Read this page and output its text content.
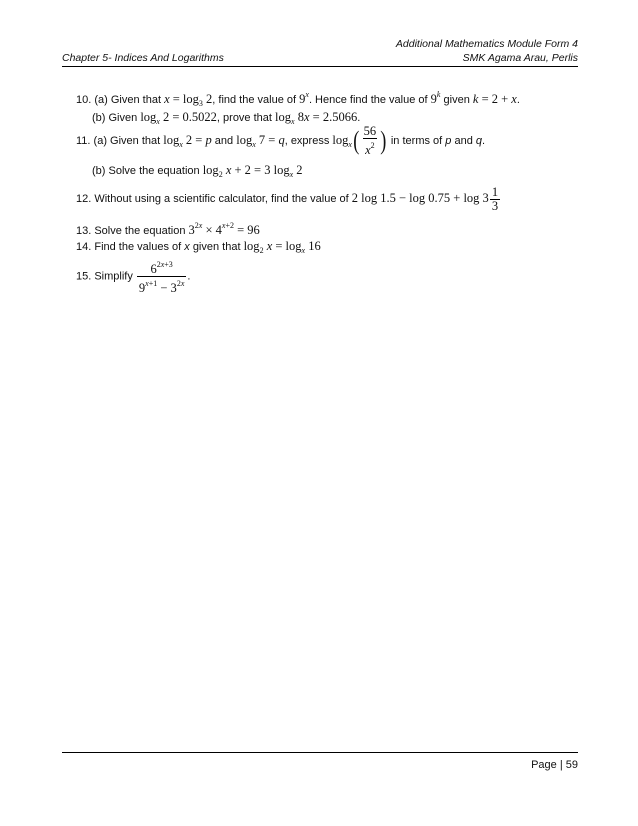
Additional Mathematics Module Form 4
Chapter 5- Indices And Logarithms	SMK Agama Arau, Perlis
10. (a) Given that $x = \log_3 2$, find the value of 9$^x$. Hence find the value of 9$^k$ given k = 2 + x.
(b) Given $\log_x 2 = 0.5022$, prove that $\log_x 8x = 2.5066$.
11. (a) Given that $\log_x 2 = p$ and $\log_x 7 = q$, express $\log_x( \frac{56}{x^2}$ ) in terms of p and q.
(b) Solve the equation $\log_2 x + 2 = 3$ $\log_x 2$
12. Without using a scientific calculator, find the value of 2 $\log 1.5 - \log 0.75 + \log 3 \frac{1}{3}$
13. Solve the equation $3^{2x} \times 4^{x+2} = 96$
14. Find the values of x given that $\log_2 x = \log_x 16$
15. Simplify $\frac{6^{2x+3}}{9^{x+1} - 3^{2x}}$ .
Page | 59
